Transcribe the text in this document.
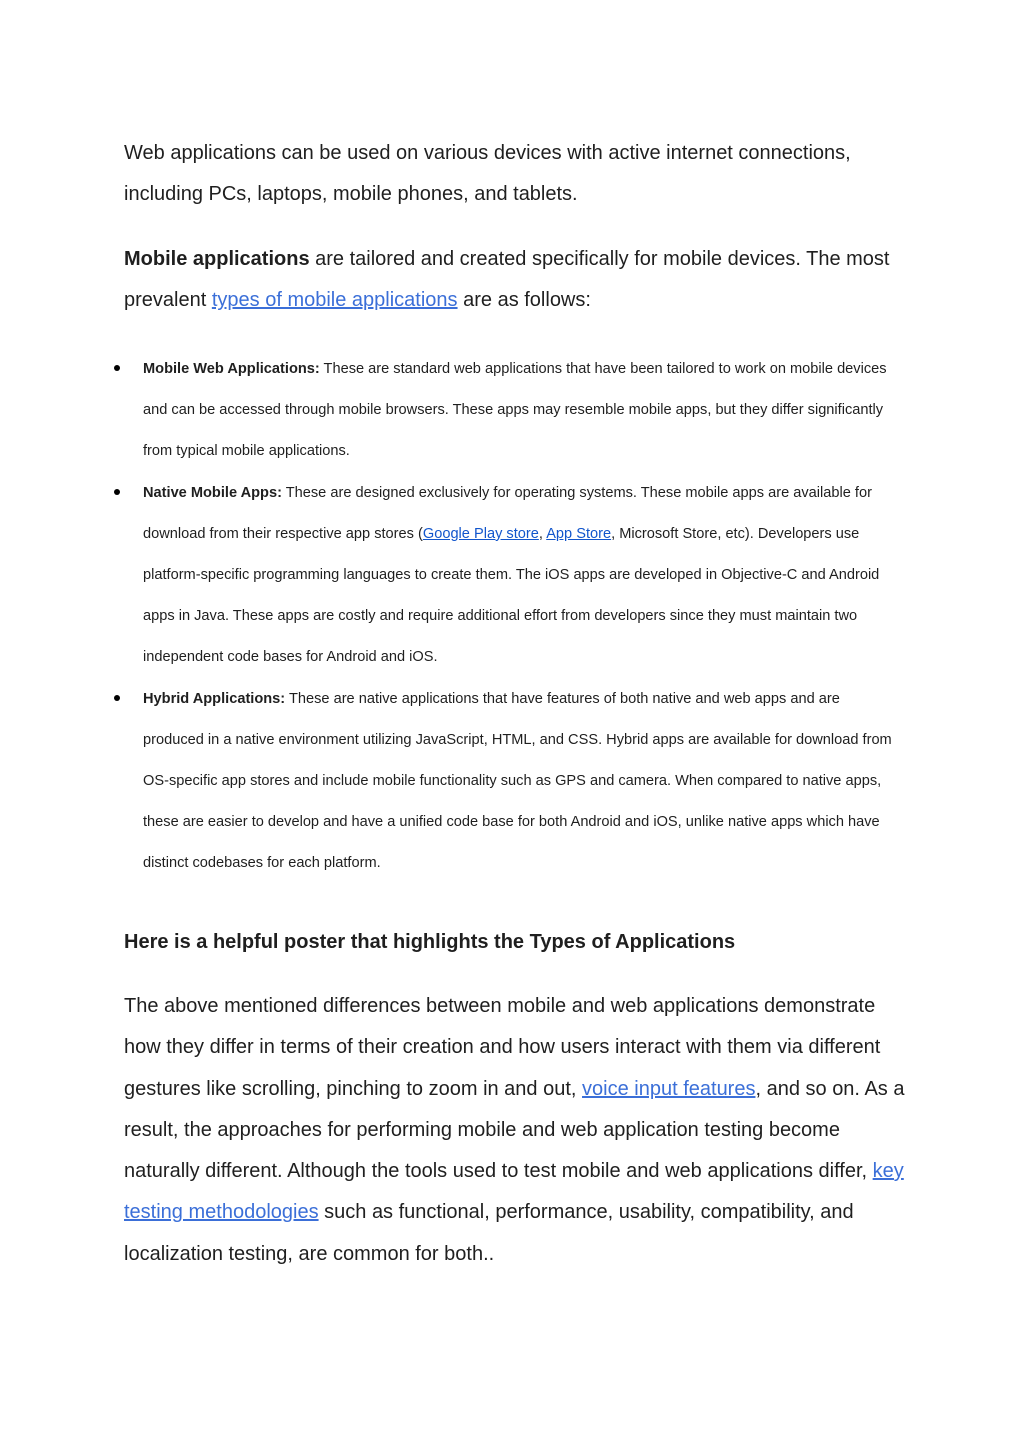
Web applications can be used on various devices with active internet connections, including PCs, laptops, mobile phones, and tablets.

Mobile applications are tailored and created specifically for mobile devices. The most prevalent types of mobile applications are as follows:

Mobile Web Applications: These are standard web applications that have been tailored to work on mobile devices and can be accessed through mobile browsers. These apps may resemble mobile apps, but they differ significantly from typical mobile applications.
Native Mobile Apps: These are designed exclusively for operating systems. These mobile apps are available for download from their respective app stores (Google Play store, App Store, Microsoft Store, etc). Developers use platform-specific programming languages to create them. The iOS apps are developed in Objective-C and Android apps in Java. These apps are costly and require additional effort from developers since they must maintain two independent code bases for Android and iOS.
Hybrid Applications: These are native applications that have features of both native and web apps and are produced in a native environment utilizing JavaScript, HTML, and CSS. Hybrid apps are available for download from OS-specific app stores and include mobile functionality such as GPS and camera. When compared to native apps, these are easier to develop and have a unified code base for both Android and iOS, unlike native apps which have distinct codebases for each platform.
Here is a helpful poster that highlights the Types of Applications

The above mentioned differences between mobile and web applications demonstrate how they differ in terms of their creation and how users interact with them via different gestures like scrolling, pinching to zoom in and out, voice input features, and so on. As a result, the approaches for performing mobile and web application testing become naturally different. Although the tools used to test mobile and web applications differ, key testing methodologies such as functional, performance, usability, compatibility, and localization testing, are common for both..
